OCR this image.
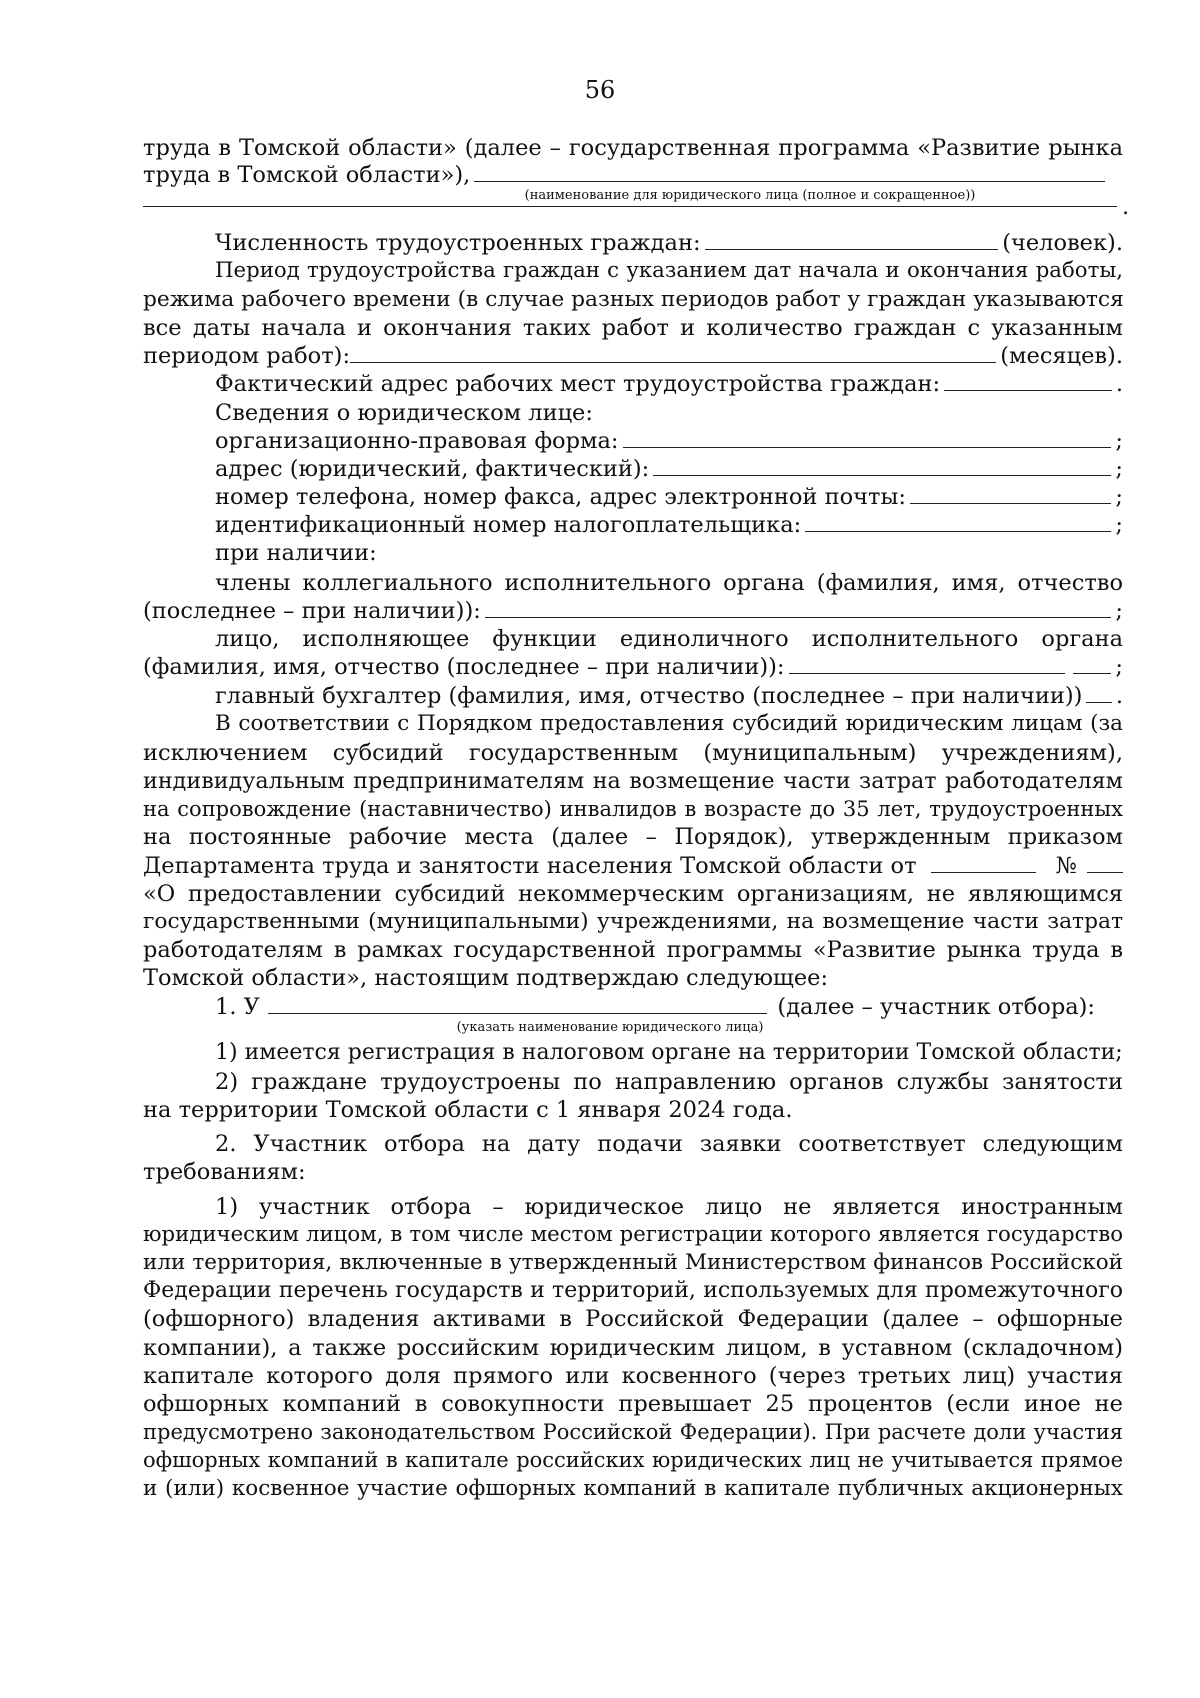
56
труда в Томской области» (далее – государственная программа «Развитие рынка
труда в Томской области»),
(наименование для юридического лица (полное и сокращенное))	.
Численность трудоустроенных граждан:	(человек).
Период трудоустройства граждан с указанием дат начала и окончания работы,
режима рабочего времени (в случае разных периодов работ у граждан указываются
все даты начала и окончания таких работ и количество граждан с указанным
периодом работ):	(месяцев).
Фактический адрес рабочих мест трудоустройства граждан:	.
Сведения о юридическом лице:
организационно-правовая форма:	;
адрес (юридический, фактический):	;
номер телефона, номер факса, адрес электронной почты:	;
идентификационный номер налогоплательщика:	;
при наличии:
члены коллегиального исполнительного органа (фамилия, имя, отчество
(последнее – при наличии)):	;
лицо, исполняющее функции единоличного исполнительного органа
(фамилия, имя, отчество (последнее – при наличии)):	;
главный бухгалтер (фамилия, имя, отчество (последнее – при наличии)) .
В соответствии с Порядком предоставления субсидий юридическим лицам (за
исключением субсидий государственным (муниципальным) учреждениям),
индивидуальным предпринимателям на возмещение части затрат работодателям
на сопровождение (наставничество) инвалидов в возрасте до 35 лет, трудоустроенных
на постоянные рабочие места (далее – Порядок), утвержденным приказом
Департамента труда и занятости населения Томской области от	№
«О предоставлении субсидий некоммерческим организациям, не являющимся
государственными (муниципальными) учреждениями, на возмещение части затрат
работодателям в рамках государственной программы «Развитие рынка труда в
Томской области», настоящим подтверждаю следующее:
1. У	(далее – участник отбора):
(указать наименование юридического лица)
1) имеется регистрация в налоговом органе на территории Томской области;
2) граждане трудоустроены по направлению органов службы занятости
на территории Томской области с 1 января 2024 года.
2. Участник отбора на дату подачи заявки соответствует следующим
требованиям:
1) участник отбора – юридическое лицо не является иностранным
юридическим лицом, в том числе местом регистрации которого является государство
или территория, включенные в утвержденный Министерством финансов Российской
Федерации перечень государств и территорий, используемых для промежуточного
(офшорного) владения активами в Российской Федерации (далее – офшорные
компании), а также российским юридическим лицом, в уставном (складочном)
капитале которого доля прямого или косвенного (через третьих лиц) участия
офшорных компаний в совокупности превышает 25 процентов (если иное не
предусмотрено законодательством Российской Федерации). При расчете доли участия
офшорных компаний в капитале российских юридических лиц не учитывается прямое
и (или) косвенное участие офшорных компаний в капитале публичных акционерных
